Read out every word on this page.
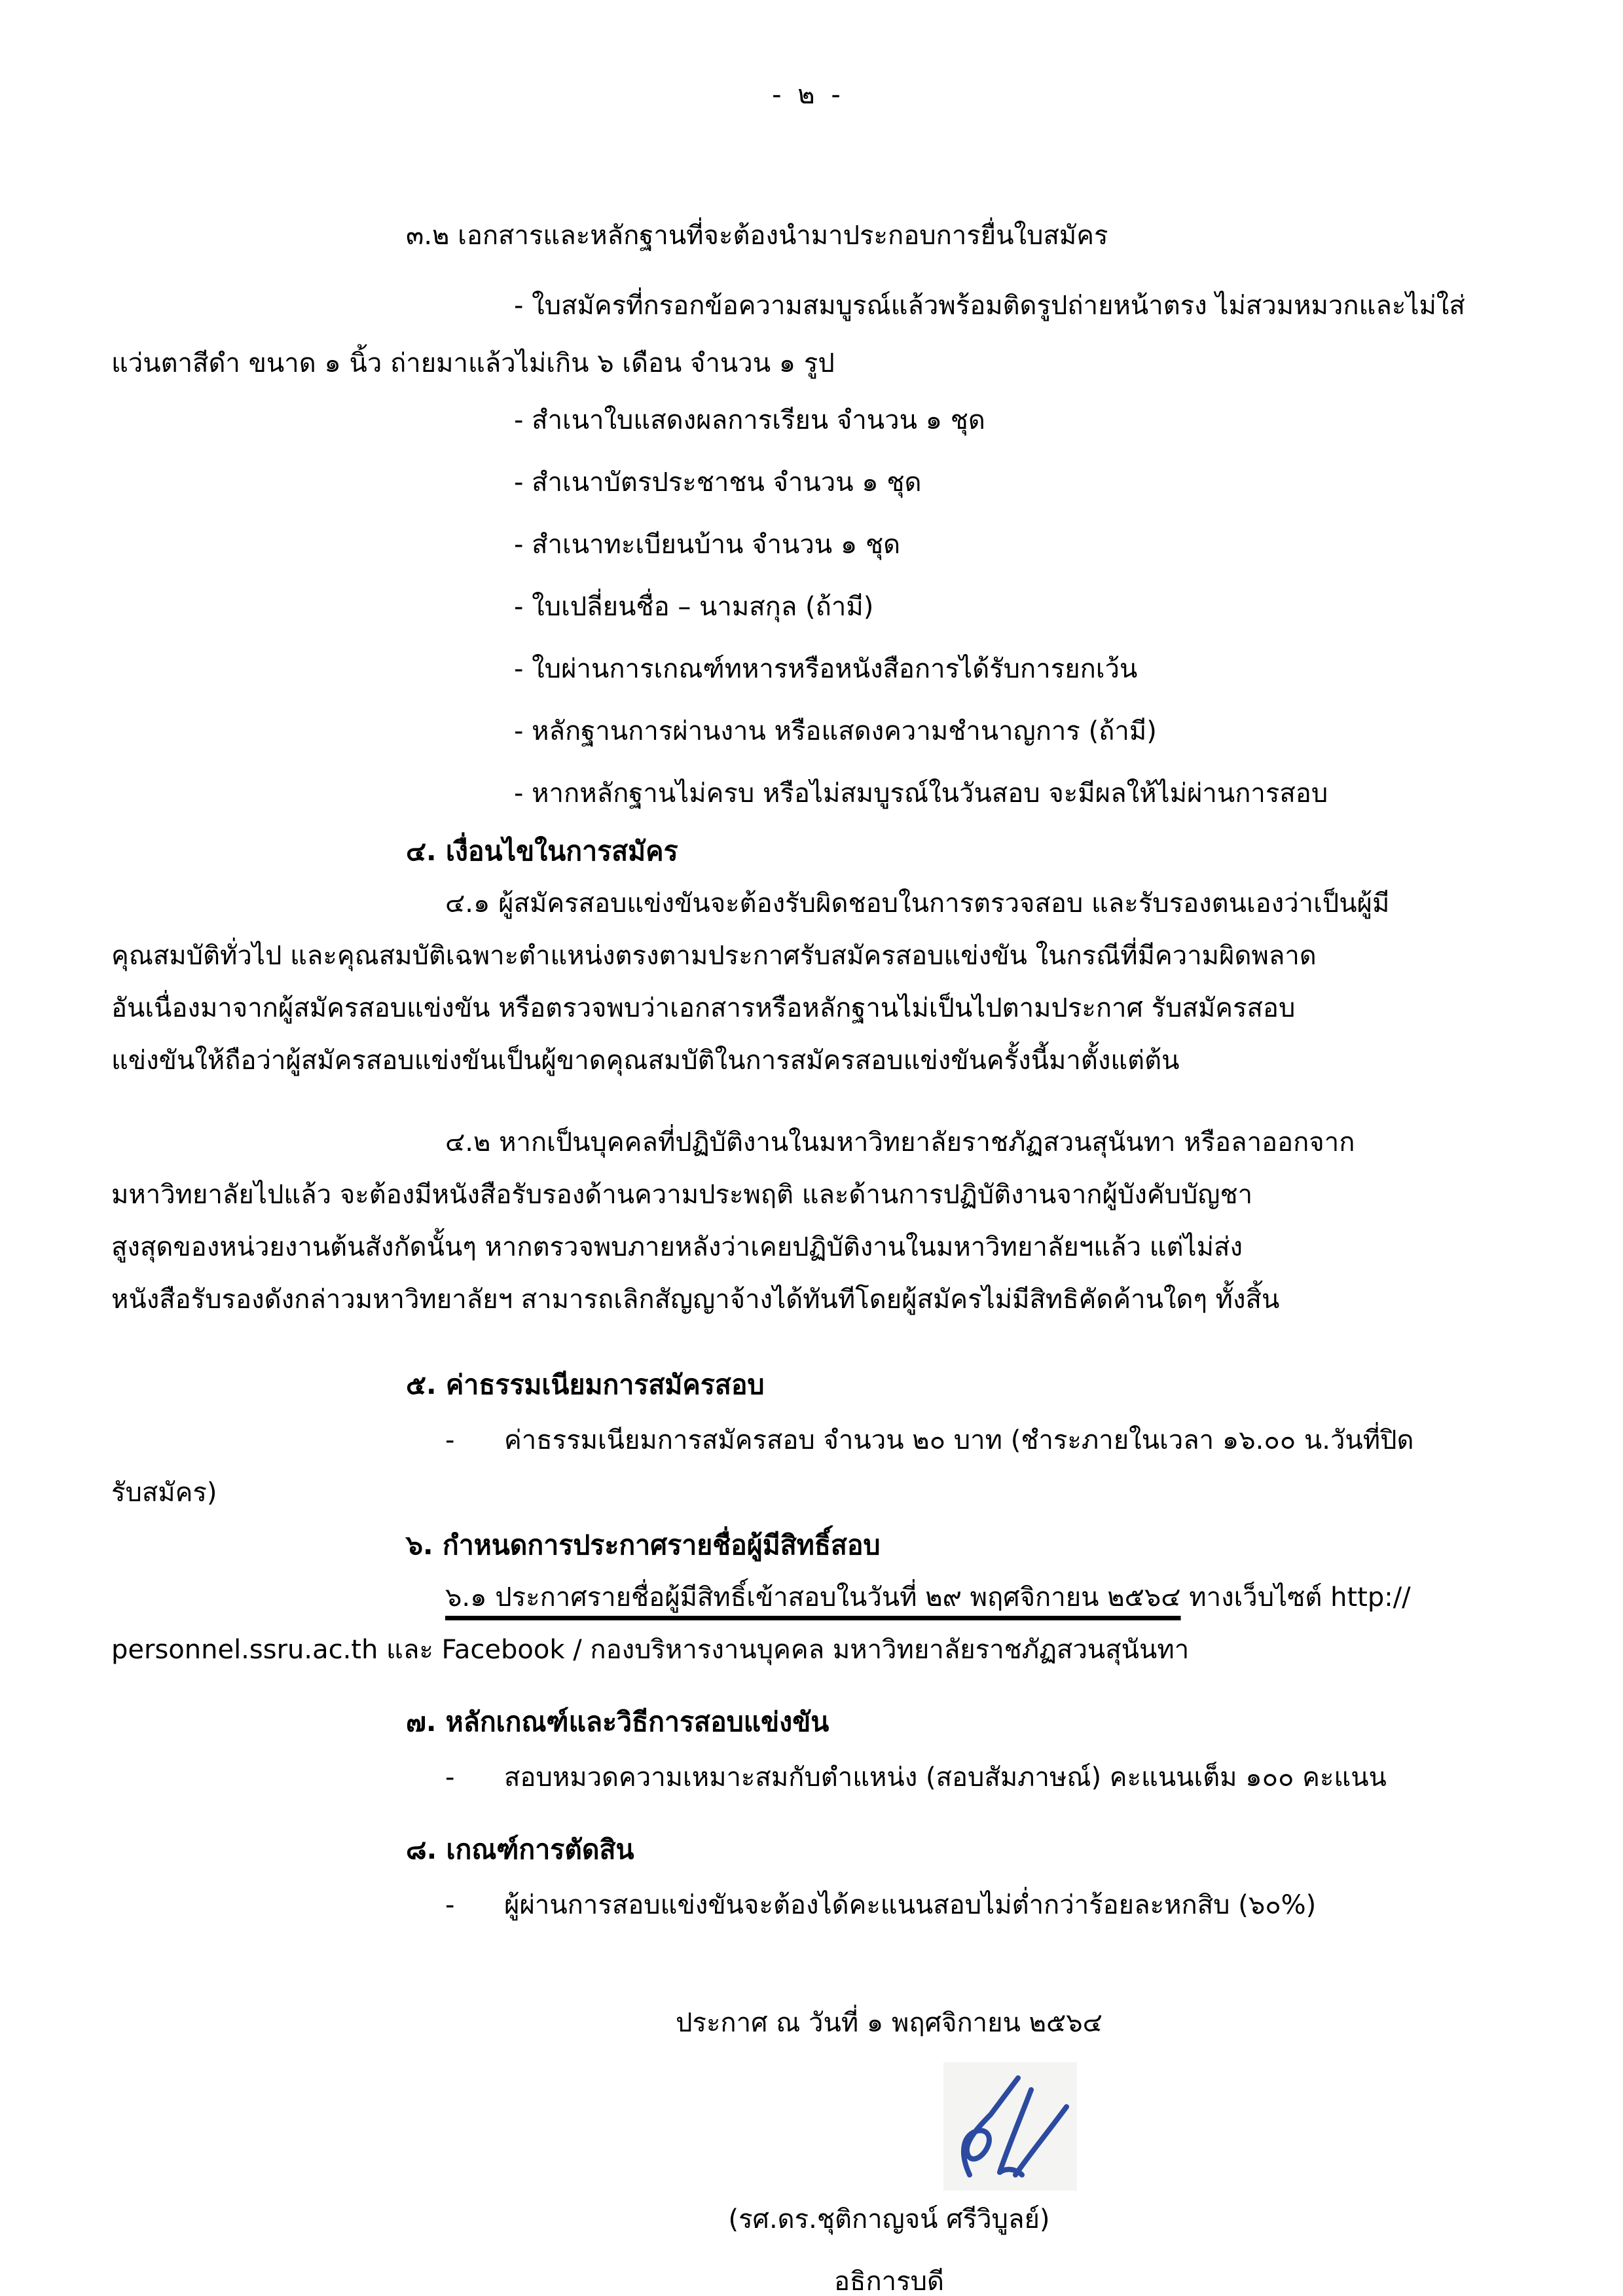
- ๒ -
๓.๒ เอกสารและหลักฐานที่จะต้องนำมาประกอบการยื่นใบสมัคร
- ใบสมัครที่กรอกข้อความสมบูรณ์แล้วพร้อมติดรูปถ่ายหน้าตรง ไม่สวมหมวกและไม่ใส่
แว่นตาสีดำ ขนาด ๑ นิ้ว ถ่ายมาแล้วไม่เกิน ๖ เดือน จำนวน ๑ รูป
- สำเนาใบแสดงผลการเรียน จำนวน ๑ ชุด
- สำเนาบัตรประชาชน จำนวน ๑ ชุด
- สำเนาทะเบียนบ้าน จำนวน ๑ ชุด
- ใบเปลี่ยนชื่อ – นามสกุล (ถ้ามี)
- ใบผ่านการเกณฑ์ทหารหรือหนังสือการได้รับการยกเว้น
- หลักฐานการผ่านงาน หรือแสดงความชำนาญการ (ถ้ามี)
- หากหลักฐานไม่ครบ หรือไม่สมบูรณ์ในวันสอบ จะมีผลให้ไม่ผ่านการสอบ
๔. เงื่อนไขในการสมัคร
๔.๑ ผู้สมัครสอบแข่งขันจะต้องรับผิดชอบในการตรวจสอบ และรับรองตนเองว่าเป็นผู้มี
คุณสมบัติทั่วไป และคุณสมบัติเฉพาะตำแหน่งตรงตามประกาศรับสมัครสอบแข่งขัน ในกรณีที่มีความผิดพลาด
อันเนื่องมาจากผู้สมัครสอบแข่งขัน หรือตรวจพบว่าเอกสารหรือหลักฐานไม่เป็นไปตามประกาศ รับสมัครสอบ
แข่งขันให้ถือว่าผู้สมัครสอบแข่งขันเป็นผู้ขาดคุณสมบัติในการสมัครสอบแข่งขันครั้งนี้มาตั้งแต่ต้น
๔.๒ หากเป็นบุคคลที่ปฏิบัติงานในมหาวิทยาลัยราชภัฏสวนสุนันทา หรือลาออกจาก
มหาวิทยาลัยไปแล้ว จะต้องมีหนังสือรับรองด้านความประพฤติ และด้านการปฏิบัติงานจากผู้บังคับบัญชา
สูงสุดของหน่วยงานต้นสังกัดนั้นๆ หากตรวจพบภายหลังว่าเคยปฏิบัติงานในมหาวิทยาลัยฯแล้ว แต่ไม่ส่ง
หนังสือรับรองดังกล่าวมหาวิทยาลัยฯ สามารถเลิกสัญญาจ้างได้ทันทีโดยผู้สมัครไม่มีสิทธิคัดค้านใดๆ ทั้งสิ้น
๕. ค่าธรรมเนียมการสมัครสอบ
- ค่าธรรมเนียมการสมัครสอบ จำนวน ๒๐ บาท (ชำระภายในเวลา ๑๖.๐๐ น.วันที่ปิด
รับสมัคร)
๖. กำหนดการประกาศรายชื่อผู้มีสิทธิ์สอบ
๖.๑ ประกาศรายชื่อผู้มีสิทธิ์เข้าสอบในวันที่ ๒๙ พฤศจิกายน ๒๕๖๔ ทางเว็บไซต์ http://
personnel.ssru.ac.th และ Facebook / กองบริหารงานบุคคล มหาวิทยาลัยราชภัฏสวนสุนันทา
๗. หลักเกณฑ์และวิธีการสอบแข่งขัน
- สอบหมวดความเหมาะสมกับตำแหน่ง (สอบสัมภาษณ์) คะแนนเต็ม ๑๐๐ คะแนน
๘. เกณฑ์การตัดสิน
- ผู้ผ่านการสอบแข่งขันจะต้องได้คะแนนสอบไม่ต่ำกว่าร้อยละหกสิบ (๖๐%)
ประกาศ ณ วันที่ ๑ พฤศจิกายน ๒๕๖๔
(รศ.ดร.ชุติกาญจน์ ศรีวิบูลย์)
อธิการบดี
